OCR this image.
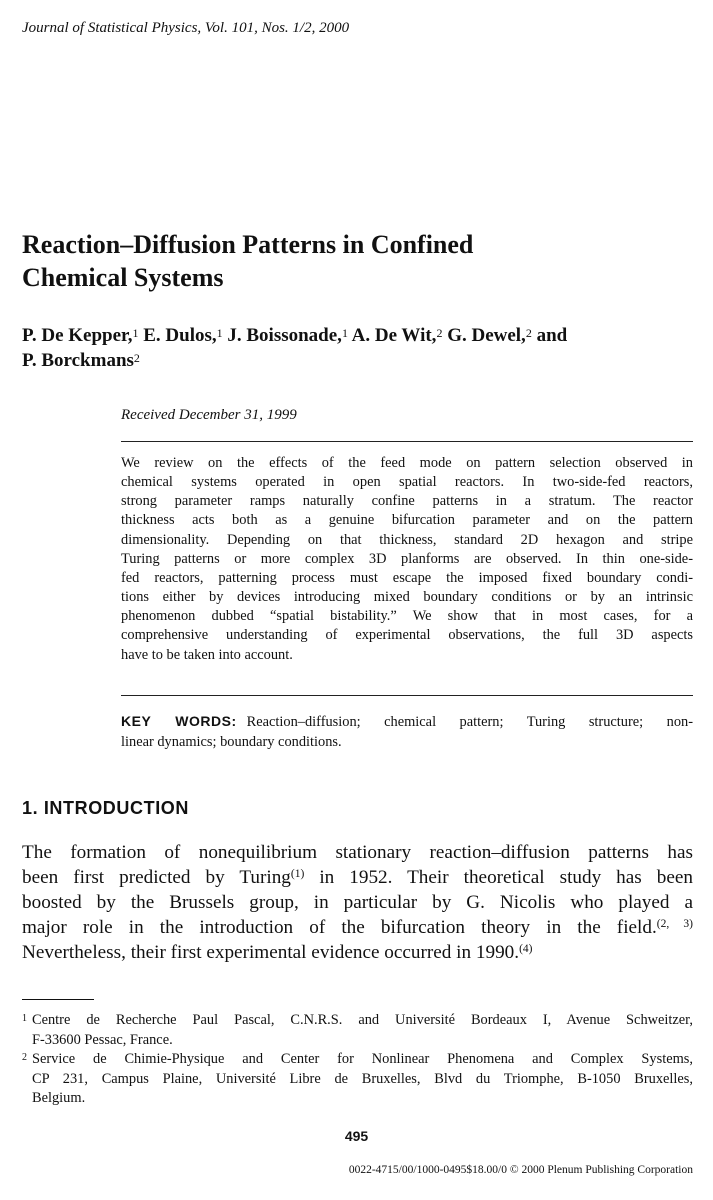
Journal of Statistical Physics, Vol. 101, Nos. 1/2, 2000
Reaction–Diffusion Patterns in Confined
Chemical Systems
P. De Kepper,$^1$ E. Dulos,$^1$ J. Boissonade,$^1$ A. De Wit,$^2$ G. Dewel,$^2$ and
P. Borckmans$^2$
Received December 31, 1999
We review on the effects of the feed mode on pattern selection observed in
chemical systems operated in open spatial reactors. In two-side-fed reactors,
strong parameter ramps naturally confine patterns in a stratum. The reactor
thickness acts both as a genuine bifurcation parameter and on the pattern
dimensionality. Depending on that thickness, standard 2D hexagon and stripe
Turing patterns or more complex 3D planforms are observed. In thin one-side-
fed reactors, patterning process must escape the imposed fixed boundary condi-
tions either by devices introducing mixed boundary conditions or by an intrinsic
phenomenon dubbed “spatial bistability.” We show that in most cases, for a
comprehensive understanding of experimental observations, the full 3D aspects
have to be taken into account.
KEY WORDS: Reaction–diffusion; chemical pattern; Turing structure; non-
linear dynamics; boundary conditions.
1. INTRODUCTION
The formation of nonequilibrium stationary reaction–diffusion patterns has
been first predicted by Turing$^{(1)}$ in 1952. Their theoretical study has been
boosted by the Brussels group, in particular by G. Nicolis who played a
major role in the introduction of the bifurcation theory in the field.$^{(2, 3)}$
Nevertheless, their first experimental evidence occurred in 1990.$^{(4)}$
1 Centre de Recherche Paul Pascal, C.N.R.S. and Université Bordeaux I, Avenue Schweitzer,
F-33600 Pessac, France.
2 Service de Chimie-Physique and Center for Nonlinear Phenomena and Complex Systems,
CP 231, Campus Plaine, Université Libre de Bruxelles, Blvd du Triomphe, B-1050 Bruxelles,
Belgium.
495
0022-4715/00/1000-0495$18.00/0 © 2000 Plenum Publishing Corporation
